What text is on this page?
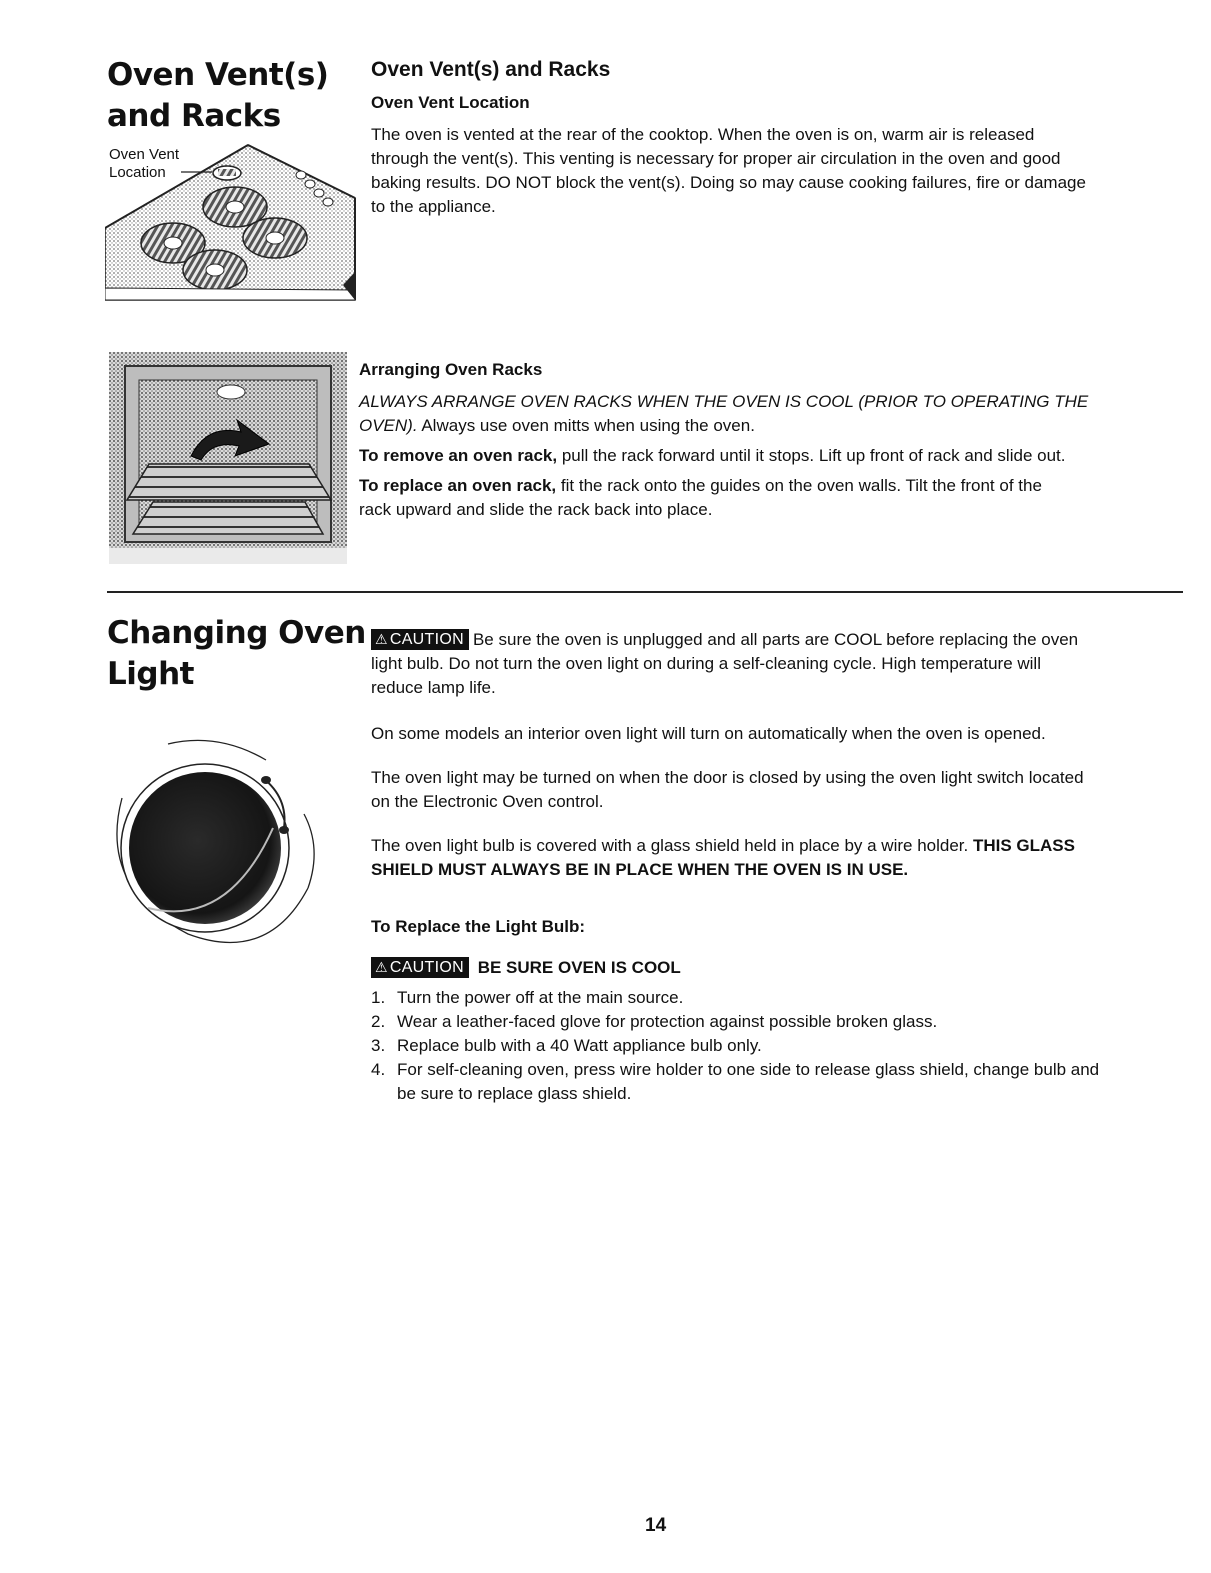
Oven Vent(s)
and Racks
Oven Vent
Location
Oven Vent(s) and Racks
Oven Vent Location

The oven is vented at the rear of the cooktop. When the oven is on, warm air is released

through the vent(s). This venting is necessary for proper air circulation in the oven and good

baking results. DO NOT block the vent(s). Doing so may cause cooking failures, fire or damage

to the appliance.

Arranging Oven Racks

ALWAYS ARRANGE OVEN RACKS WHEN THE OVEN IS COOL (PRIOR TO OPERATING THE

OVEN). Always use oven mitts when using the oven.

To remove an oven rack, pull the rack forward until it stops. Lift up front of rack and slide out.

To replace an oven rack, fit the rack onto the guides on the oven walls. Tilt the front of the

rack upward and slide the rack back into place.

Changing Oven
Light

⚠ CAUTION Be sure the oven is unplugged and all parts are COOL before replacing the oven

light bulb. Do not turn the oven light on during a self-cleaning cycle. High temperature will

reduce lamp life.

On some models an interior oven light will turn on automatically when the oven is opened.

The oven light may be turned on when the door is closed by using the oven light switch located

on the Electronic Oven control.

The oven light bulb is covered with a glass shield held in place by a wire holder. THIS GLASS

SHIELD MUST ALWAYS BE IN PLACE WHEN THE OVEN IS IN USE.

To Replace the Light Bulb:

⚠ CAUTION BE SURE OVEN IS COOL

1. Turn the power off at the main source.
2. Wear a leather-faced glove for protection against possible broken glass.
3. Replace bulb with a 40 Watt appliance bulb only.
4. For self-cleaning oven, press wire holder to one side to release glass shield, change bulb and
be sure to replace glass shield.
14
